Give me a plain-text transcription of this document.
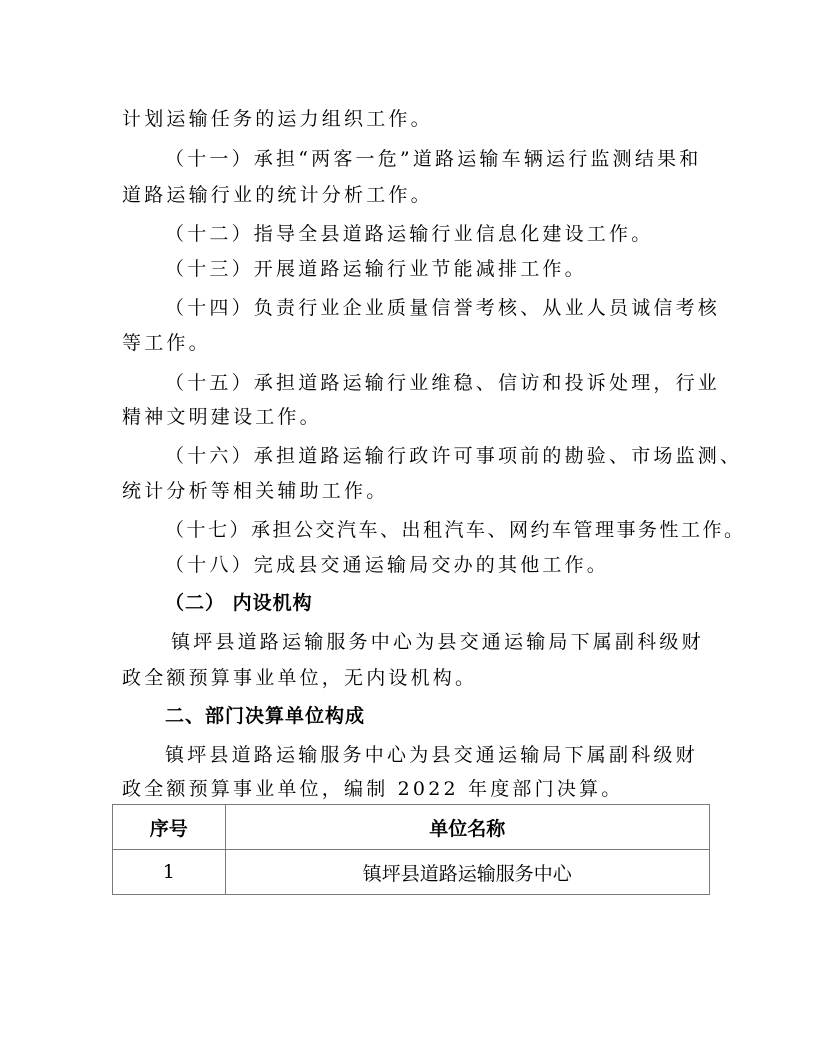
计划运输任务的运力组织工作。

（十一）承担“两客一危”道路运输车辆运行监测结果和

道路运输行业的统计分析工作。

（十二）指导全县道路运输行业信息化建设工作。

（十三）开展道路运输行业节能减排工作。

（十四）负责行业企业质量信誉考核、从业人员诚信考核

等工作。

（十五）承担道路运输行业维稳、信访和投诉处理，行业

精神文明建设工作。

（十六）承担道路运输行政许可事项前的勘验、市场监测、

统计分析等相关辅助工作。

（十七）承担公交汽车、出租汽车、网约车管理事务性工作。

（十八）完成县交通运输局交办的其他工作。

（二） 内设机构

镇坪县道路运输服务中心为县交通运输局下属副科级财

政全额预算事业单位，无内设机构。

二、部门决算单位构成

镇坪县道路运输服务中心为县交通运输局下属副科级财

政全额预算事业单位，编制 2022 年度部门决算。

序号	单位名称
1	镇坪县道路运输服务中心
